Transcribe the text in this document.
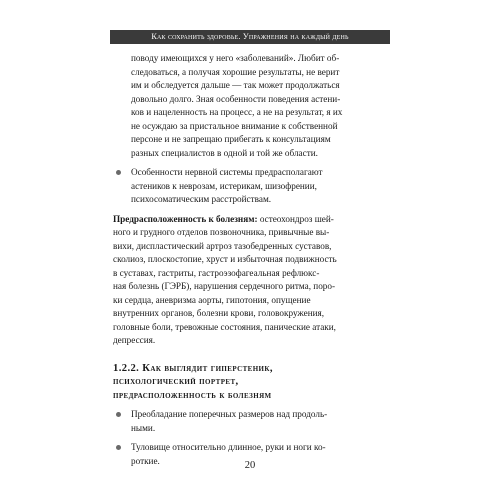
Как сохранить здоровье. Упражнения на каждый день
поводу имеющихся у него «заболеваний». Любит об-
следоваться, а получая хорошие результаты, не верит
им и обследуется дальше — так может продолжаться
довольно долго. Зная особенности поведения астени-
ков и нацеленность на процесс, а не на результат, я их
не осуждаю за пристальное внимание к собственной
персоне и не запрещаю прибегать к консультациям
разных специалистов в одной и той же области.
Особенности нервной системы предрасполагают
астеников к неврозам, истерикам, шизофрении,
психосоматическим расстройствам.
Предрасположенность к болезням: остеохондроз шей-
ного и грудного отделов позвоночника, привычные вы-
вихи, диспластический артроз тазобедренных суставов,
сколиоз, плоскостопие, хруст и избыточная подвижность
в суставах, гастриты, гастроэзофагеальная рефлюкс-
ная болезнь (ГЭРБ), нарушения сердечного ритма, поро-
ки сердца, аневризма аорты, гипотония, опущение
внутренних органов, болезни крови, головокружения,
головные боли, тревожные состояния, панические атаки,
депрессия.
1.2.2. Как выглядит гиперстеник,
психологический портрет,
предрасположенность к болезням
Преобладание поперечных размеров над продоль-
ными.
Туловище относительно длинное, руки и ноги ко-
роткие.	20
